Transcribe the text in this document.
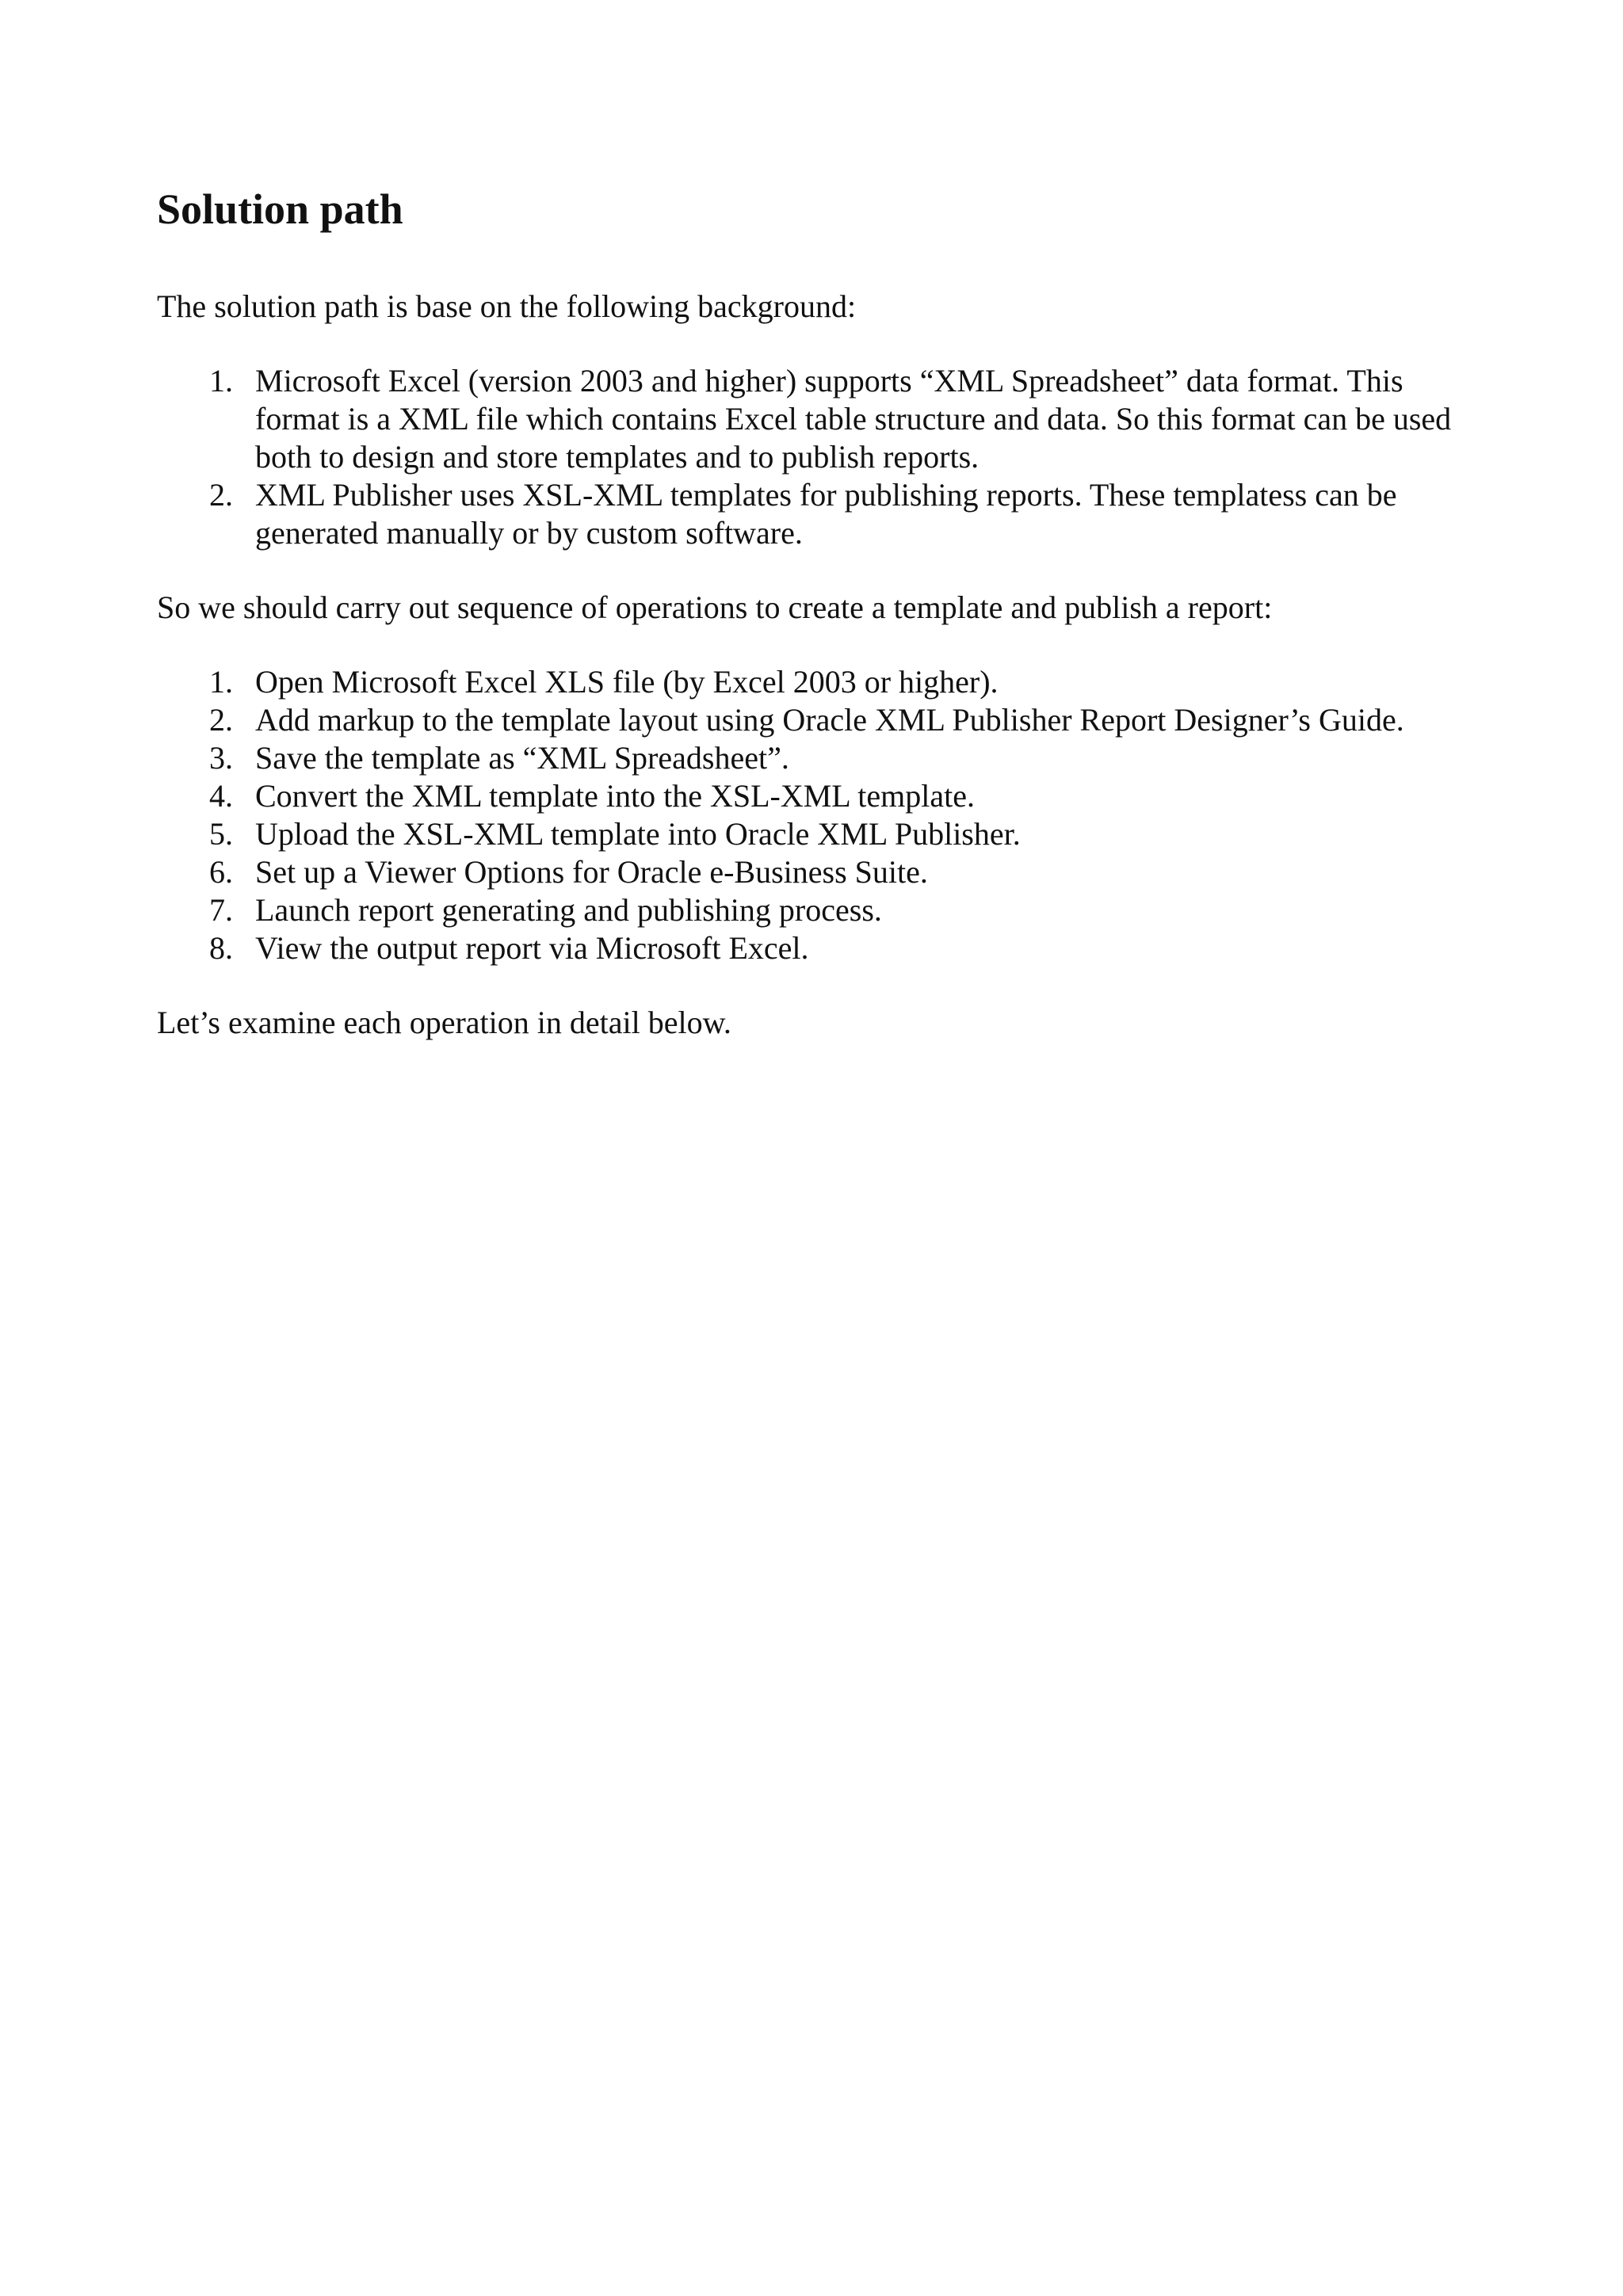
Solution path

The solution path is base on the following background:

1. Microsoft Excel (version 2003 and higher) supports “XML Spreadsheet” data format. This format is a XML file which contains Excel table structure and data. So this format can be used both to design and store templates and to publish reports.
2. XML Publisher uses XSL-XML templates for publishing reports. These templatess can be generated manually or by custom software.

So we should carry out sequence of operations to create a template and publish a report:

1. Open Microsoft Excel XLS file (by Excel 2003 or higher).
2. Add markup to the template layout using Oracle XML Publisher Report Designer’s Guide.
3. Save the template as “XML Spreadsheet”.
4. Convert the XML template into the XSL-XML template.
5. Upload the XSL-XML template into Oracle XML Publisher.
6. Set up a Viewer Options for Oracle e-Business Suite.
7. Launch report generating and publishing process.
8. View the output report via Microsoft Excel.

Let’s examine each operation in detail below.
